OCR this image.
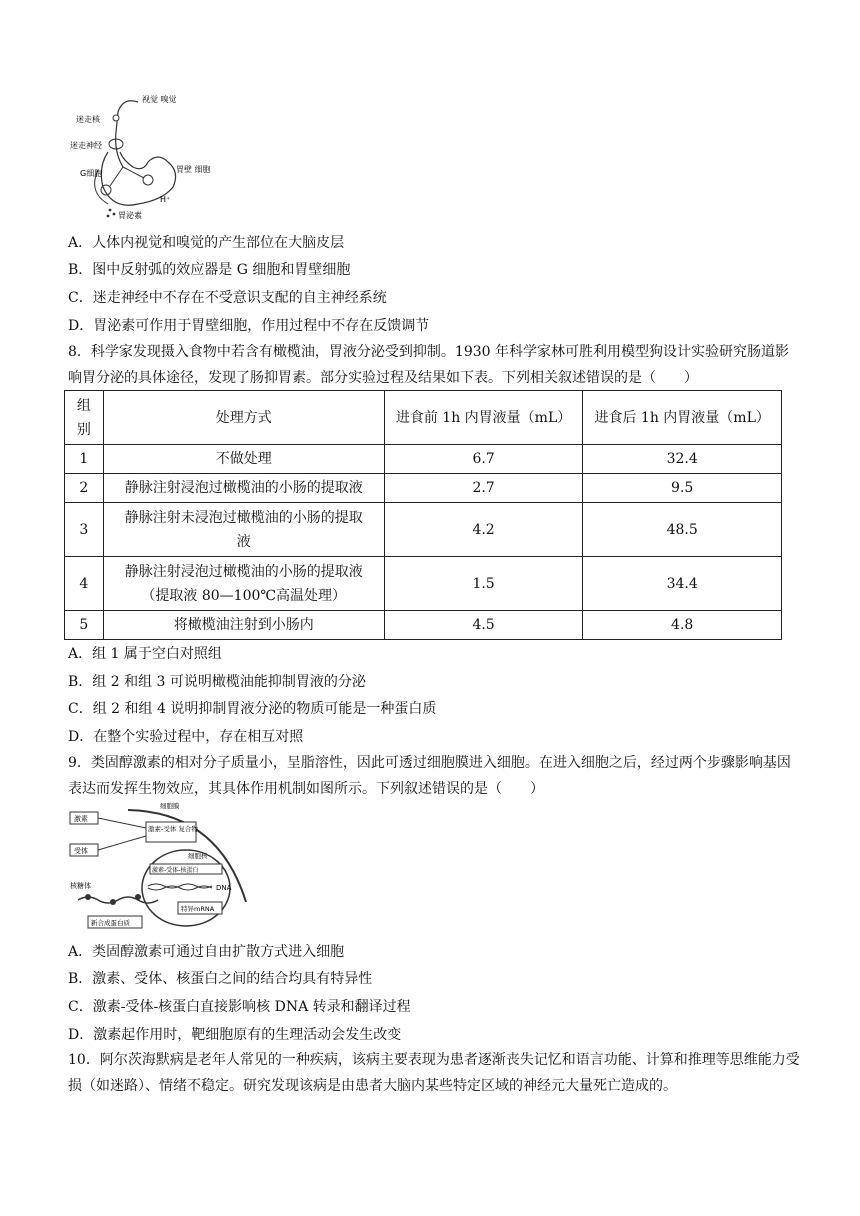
视觉 嗅觉
迷走核
迷走神经
G细胞	胃壁 细胞
H⁺
胃泌素
A．人体内视觉和嗅觉的产生部位在大脑皮层
B．图中反射弧的效应器是 G 细胞和胃壁细胞
C．迷走神经中不存在不受意识支配的自主神经系统
D．胃泌素可作用于胃壁细胞，作用过程中不存在反馈调节
8．科学家发现摄入食物中若含有橄榄油，胃液分泌受到抑制。1930 年科学家林可胜利用模型狗设计实验研究肠道影响胃分泌的具体途径，发现了肠抑胃素。部分实验过程及结果如下表。下列相关叙述错误的是（　　）
组
别	处理方式	进食前 1h 内胃液量（mL）	进食后 1h 内胃液量（mL）
1	不做处理	6.7	32.4
2	静脉注射浸泡过橄榄油的小肠的提取液	2.7	9.5
3	静脉注射未浸泡过橄榄油的小肠的提取
液	4.2	48.5
4	静脉注射浸泡过橄榄油的小肠的提取液
（提取液 80—100℃高温处理）	1.5	34.4
5	将橄榄油注射到小肠内	4.5	4.8
A．组 1 属于空白对照组
B．组 2 和组 3 可说明橄榄油能抑制胃液的分泌
C．组 2 和组 4 说明抑制胃液分泌的物质可能是一种蛋白质
D．在整个实验过程中，存在相互对照
9．类固醇激素的相对分子质量小，呈脂溶性，因此可透过细胞膜进入细胞。在进入细胞之后，经过两个步骤影响基因表达而发挥生物效应，其具体作用机制如图所示。下列叙述错误的是（　　）
激素
受体
激素-受体 复合物
细胞膜
细胞核
激素-受体-核蛋白
DNA
特异mRNA
核糖体
新合成蛋白质
A．类固醇激素可通过自由扩散方式进入细胞
B．激素、受体、核蛋白之间的结合均具有特异性
C．激素-受体-核蛋白直接影响核 DNA 转录和翻译过程
D．激素起作用时，靶细胞原有的生理活动会发生改变
10．阿尔茨海默病是老年人常见的一种疾病，该病主要表现为患者逐渐丧失记忆和语言功能、计算和推理等思维能力受损（如迷路）、情绪不稳定。研究发现该病是由患者大脑内某些特定区域的神经元大量死亡造成的。
